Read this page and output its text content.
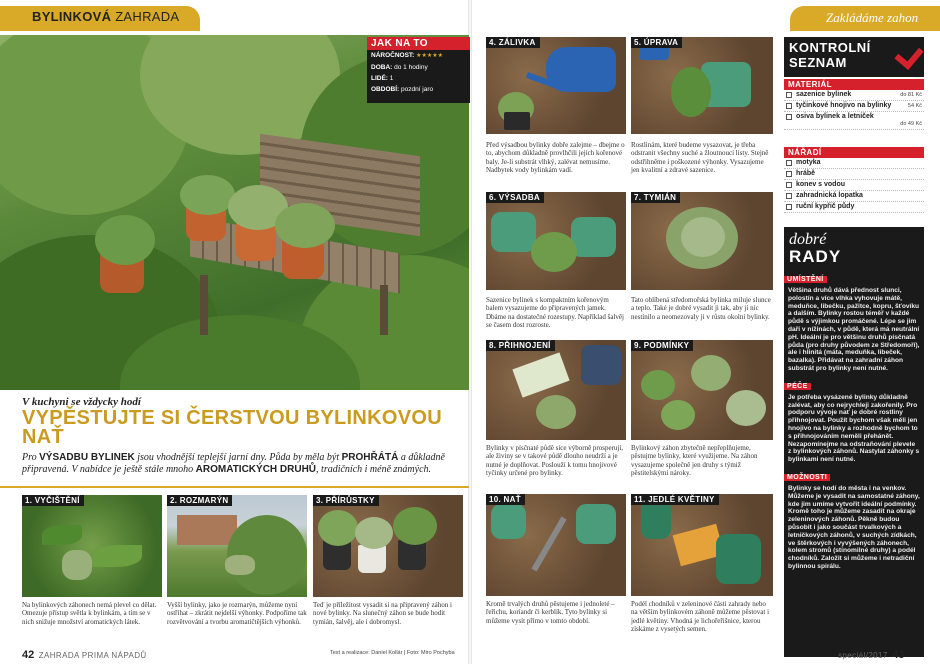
BYLINKOVÁ ZAHRADA	Zakládáme zahon
JAK NA TO
NÁROČNOST: ★★★★★
DOBA: do 1 hodiny
LIDÉ: 1
OBDOBÍ: pozdní jaro
V kuchyni se vždycky hodí
VYPĚSTUJTE SI ČERSTVOU BYLINKOVOU NAŤ
Pro VÝSADBU BYLINEK jsou vhodnější teplejší jarní dny. Půda by měla být PROHŘÁTÁ a důkladně připravená. V nabídce je ještě stále mnoho AROMATICKÝCH DRUHŮ, tradičních i méně známých.
1. VYČIŠTĚNÍ
Na bylinkových záhonech nemá plevel co dělat. Omezuje přístup světla k bylinkám, a tím se v nich snižuje množství aromatických látek.
2. ROZMARÝN
Vyšší bylinky, jako je rozmarýn, můžeme nyní ostříhat – zkrátit nejdelší výhonky. Podpoříme tak rozvětvování a tvorbu aromatičtějších výhonků.
3. PŘÍRŮSTKY
Teď je příležitost vysadit si na připravený záhon i nové bylinky. Na slunečný záhon se bude hodit tymián, šalvěj, ale i dobromysl.
4. ZÁLIVKA
Před výsadbou bylinky dobře zalejme – dbejme o to, abychom důkladně provlhčili jejich kořenové baly. Je-li substrát vlhký, zalévat nemusíme. Nadbytek vody bylinkám vadí.
5. ÚPRAVA
Rostlinám, které budeme vysazovat, je třeba odstranit všechny suché a žloutnoucí listy. Stejně odstřihněme i poškozené výhonky. Vysazujeme jen kvalitní a zdravé sazenice.
6. VÝSADBA
Sazenice bylinek s kompaktním kořenovým balem vysazujeme do připravených jamek. Dbáme na dostatečné rozestupy. Například šalvěj se časem dost rozroste.
7. TYMIÁN
Tato oblíbená středomořská bylinka miluje slunce a teplo. Také je dobré vysadit ji tak, aby ji nic nestínilo a neomezovaly ji v růstu okolní bylinky.
8. PŘIHNOJENÍ
Bylinky v písčnaté půdě sice výborně prosperují, ale živiny se v takové půdě dlouho neudrží a je nutné je doplňovat. Poslouží k tomu hnojivové tyčinky určené pro bylinky.
9. PODMÍNKY
Bylinkový záhon zbytečně nepřeplňujeme, pěstujme bylinky, které využijeme. Na záhon vysazujeme společně jen druhy s týmiž pěstitelskými nároky.
10. NAŤ
Kromě trvalých druhů pěstujeme i jednoleté – řeřichu, koriandr či kerblík. Tyto bylinky si můžeme vysít přímo v tomto období.
11. JEDLÉ KVĚTINY
Podél chodníků v zeleninové části zahrady nebo na větším bylinkovém záhoně můžeme pěstovat i jedlé květiny. Vhodná je lichořeřišnice, kterou získáme z vysetých semen.
KONTROLNÍ
SEZNAM
MATERIÁL
sazenice bylinek	do 81 Kč
tyčinkové hnojivo na bylinky	54 Kč
osiva bylinek a letniček
do 49 Kč
NÁŘADÍ
motyka
hrábě
konev s vodou
zahradnická lopatka
ruční kypřič půdy
dobré
RADY
UMÍSTĚNÍ
Většina druhů dává přednost slunci, polostín a více vlhka vyhovuje mátě, meduňce, libečku, pažitce, kopru, šťovíku a dalším. Bylinky rostou téměř v každé půdě s výjimkou promáčené. Lépe se jim daří v nížinách, v půdě, která má neutrální pH. Ideální je pro většinu druhů písčnatá půda (pro druhy původem ze Středomoří), ale i hlinitá (máta, meduňka, libeček, bazalka). Přidávat na zahradní záhon substrát pro bylinky není nutné.
PÉČE
Je potřeba vysázené bylinky důkladně zalévat, aby co nejrychleji zakořenily. Pro podporu vývoje nať je dobré rostliny přihnojovat. Použít bychom však měli jen hnojivo na bylinky a rozhodně bychom to s přihnojováním neměli přehánět. Nezapomínejme na odstraňování plevele z bylinkových záhonů. Nastylat záhonky s bylinkami není nutné.
MOŽNOSTI
Bylinky se hodí do města i na venkov. Můžeme je vysadit na samostatné záhony, kde jim umíme vytvořit ideální podmínky. Kromě toho je můžeme zasadit na okraje zeleninových záhonů. Pěkně budou působit i jako součást trvalkových a letničkových záhonů, v suchých zídkách, ve štěrkových i vyvýšených záhonech, kolem stromů (stínomilné druhy) a podél chodníků. Založit si můžeme i netradiční bylinnou spirálu.
42 ZAHRADA PRIMA NÁPADŮ	Text a realizace: Daniel Kollár | Foto: Miro Pochyba	speciál/2017 43
